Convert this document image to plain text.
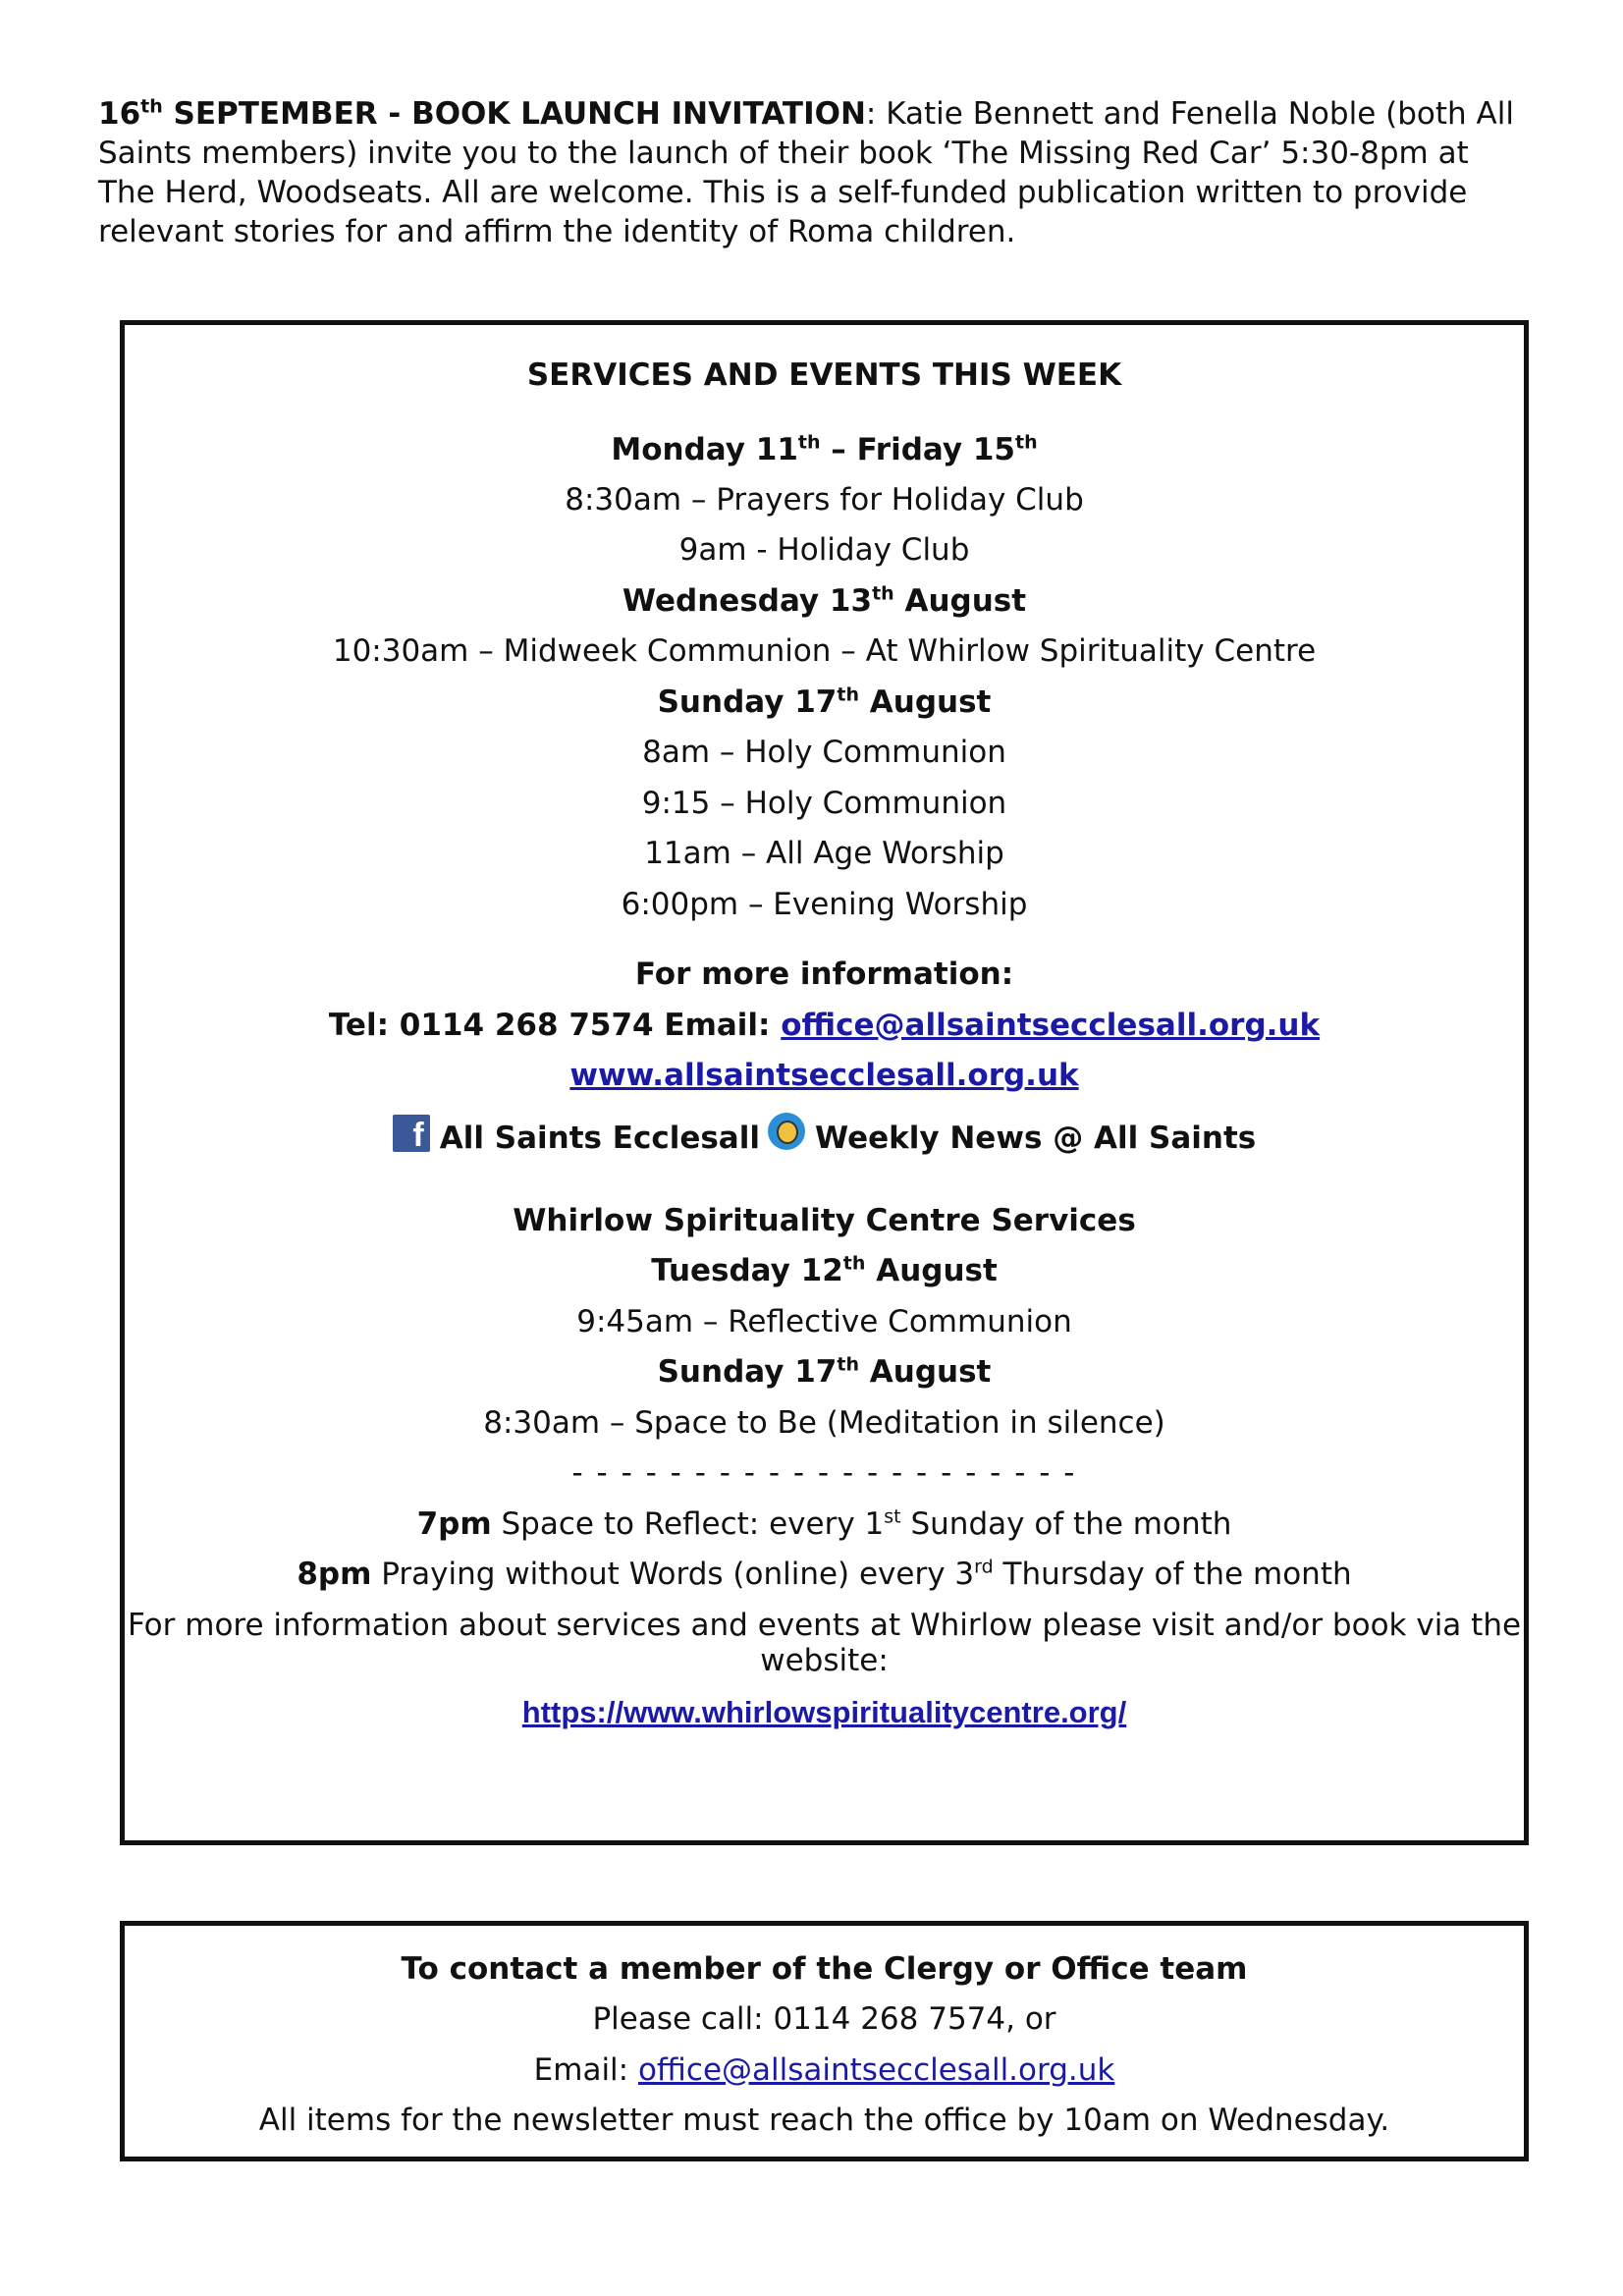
16th SEPTEMBER - BOOK LAUNCH INVITATION: Katie Bennett and Fenella Noble (both All Saints members) invite you to the launch of their book ‘The Missing Red Car’ 5:30-8pm at The Herd, Woodseats. All are welcome. This is a self-funded publication written to provide relevant stories for and affirm the identity of Roma children.

SERVICES AND EVENTS THIS WEEK

Monday 11th – Friday 15th

8:30am – Prayers for Holiday Club

9am - Holiday Club

Wednesday 13th August

10:30am – Midweek Communion – At Whirlow Spirituality Centre

Sunday 17th August

8am – Holy Communion

9:15 – Holy Communion

11am – All Age Worship

6:00pm – Evening Worship

For more information:

Tel: 0114 268 7574 Email: office@allsaintsecclesall.org.uk

www.allsaintsecclesall.org.uk

f All Saints Ecclesall Weekly News @ All Saints

Whirlow Spirituality Centre Services

Tuesday 12th August

9:45am – Reflective Communion

Sunday 17th August

8:30am – Space to Be (Meditation in silence)

- - - - - - - - - - - - - - - - - - - - -

7pm Space to Reflect: every 1st Sunday of the month

8pm Praying without Words (online) every 3rd Thursday of the month

For more information about services and events at Whirlow please visit and/or book via the

website:

https://www.whirlowspiritualitycentre.org/

To contact a member of the Clergy or Office team

Please call: 0114 268 7574, or

Email: office@allsaintsecclesall.org.uk

All items for the newsletter must reach the office by 10am on Wednesday.
